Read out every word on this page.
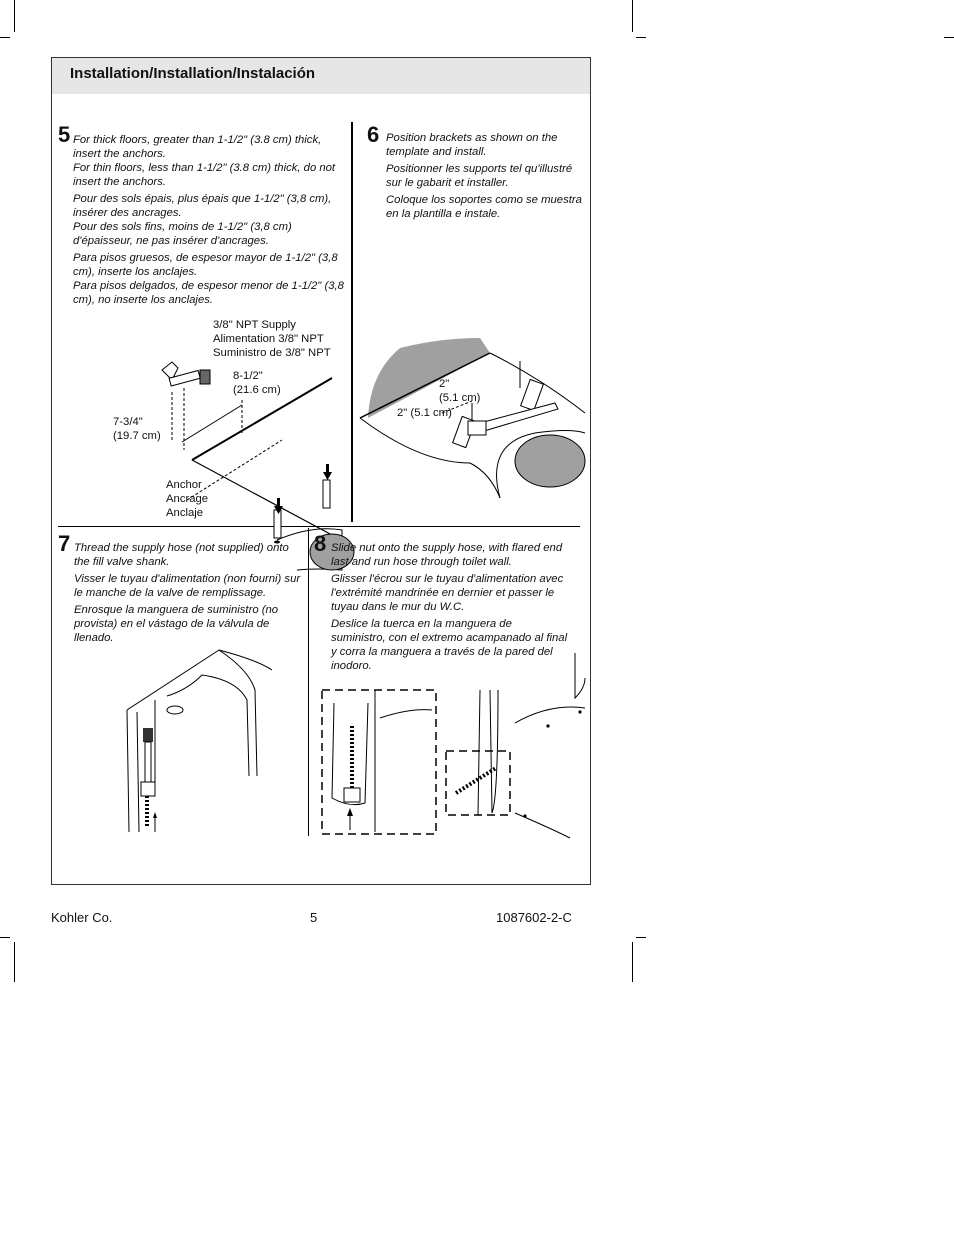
Installation/Installation/Instalación
5 For thick floors, greater than 1-1/2" (3.8 cm) thick, insert the anchors.

For thin floors, less than 1-1/2" (3.8 cm) thick, do not insert the anchors.

Pour des sols épais, plus épais que 1-1/2" (3,8 cm), insérer des ancrages.

Pour des sols fins, moins de 1-1/2" (3,8 cm) d'épaisseur, ne pas insérer d'ancrages.

Para pisos gruesos, de espesor mayor de 1-1/2" (3,8 cm), inserte los anclajes.

Para pisos delgados, de espesor menor de 1-1/2" (3,8 cm), no inserte los anclajes.

3/8" NPT Supply
Alimentation 3/8" NPT
Suministro de 3/8" NPT
8-1/2"
(21.6 cm)
7-3/4"
(19.7 cm)
Anchor
Ancrage
Anclaje
6 Position brackets as shown on the template and install.

Positionner les supports tel qu'illustré sur le gabarit et installer.

Coloque los soportes como se muestra en la plantilla e instale.

2"
(5.1 cm)
2" (5.1 cm)
7 Thread the supply hose (not supplied) onto the fill valve shank.

Visser le tuyau d'alimentation (non fourni) sur le manche de la valve de remplissage.

Enrosque la manguera de suministro (no provista) en el vástago de la válvula de llenado.

8 Slide nut onto the supply hose, with flared end last and run hose through toilet wall.

Glisser l'écrou sur le tuyau d'alimentation avec l'extrémité mandrinée en dernier et passer le tuyau dans le mur du W.C.

Deslice la tuerca en la manguera de suministro, con el extremo acampanado al final y corra la manguera a través de la pared del inodoro.

Kohler Co.	5	1087602-2-C
